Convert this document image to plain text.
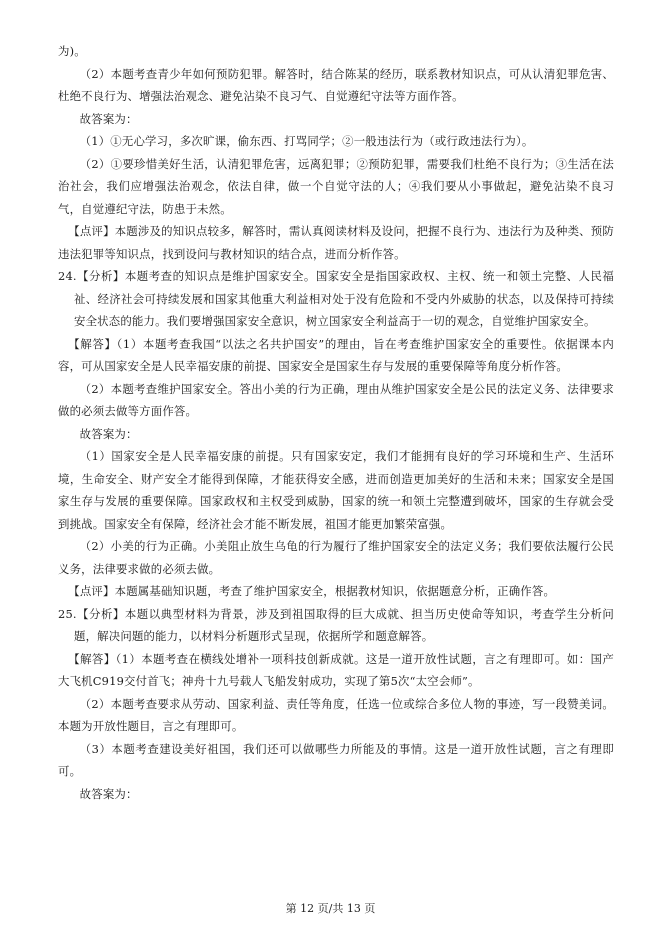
为)。

（2）本题考查青少年如何预防犯罪。解答时，结合陈某的经历，联系教材知识点，可从认清犯罪危害、杜绝不良行为、增强法治观念、避免沾染不良习气、自觉遵纪守法等方面作答。

故答案为：

（1）①无心学习，多次旷课，偷东西、打骂同学；②一般违法行为（或行政违法行为）。

（2）①要珍惜美好生活，认清犯罪危害，远离犯罪；②预防犯罪，需要我们杜绝不良行为；③生活在法治社会，我们应增强法治观念，依法自律，做一个自觉守法的人；④我们要从小事做起，避免沾染不良习气，自觉遵纪守法，防患于未然。

【点评】本题涉及的知识点较多，解答时，需认真阅读材料及设问，把握不良行为、违法行为及种类、预防违法犯罪等知识点，找到设问与教材知识的结合点，进而分析作答。

24.【分析】本题考查的知识点是维护国家安全。国家安全是指国家政权、主权、统一和领土完整、人民福祉、经济社会可持续发展和国家其他重大利益相对处于没有危险和不受内外威胁的状态，以及保持可持续安全状态的能力。我们要增强国家安全意识，树立国家安全利益高于一切的观念，自觉维护国家安全。

【解答】（1）本题考查我国“以法之名共护国安”的理由，旨在考查维护国家安全的重要性。依据课本内容，可从国家安全是人民幸福安康的前提、国家安全是国家生存与发展的重要保障等角度分析作答。

（2）本题考查维护国家安全。答出小美的行为正确，理由从维护国家安全是公民的法定义务、法律要求做的必须去做等方面作答。

故答案为：

（1）国家安全是人民幸福安康的前提。只有国家安定，我们才能拥有良好的学习环境和生产、生活环境，生命安全、财产安全才能得到保障，才能获得安全感，进而创造更加美好的生活和未来；国家安全是国家生存与发展的重要保障。国家政权和主权受到威胁，国家的统一和领土完整遭到破坏，国家的生存就会受到挑战。国家安全有保障，经济社会才能不断发展，祖国才能更加繁荣富强。

（2）小美的行为正确。小美阻止放生乌龟的行为履行了维护国家安全的法定义务；我们要依法履行公民义务，法律要求做的必须去做。

【点评】本题属基础知识题，考查了维护国家安全，根据教材知识，依据题意分析，正确作答。

25.【分析】本题以典型材料为背景，涉及到祖国取得的巨大成就、担当历史使命等知识，考查学生分析问题，解决问题的能力，以材料分析题形式呈现，依据所学和题意解答。

【解答】（1）本题考查在横线处增补一项科技创新成就。这是一道开放性试题，言之有理即可。如：国产大飞机C919交付首飞；神舟十九号载人飞船发射成功，实现了第5次“太空会师”。

（2）本题考查要求从劳动、国家利益、责任等角度，任选一位或综合多位人物的事迹，写一段赞美词。本题为开放性题目，言之有理即可。

（3）本题考查建设美好祖国，我们还可以做哪些力所能及的事情。这是一道开放性试题，言之有理即可。

故答案为：

第 12 页/共 13 页
